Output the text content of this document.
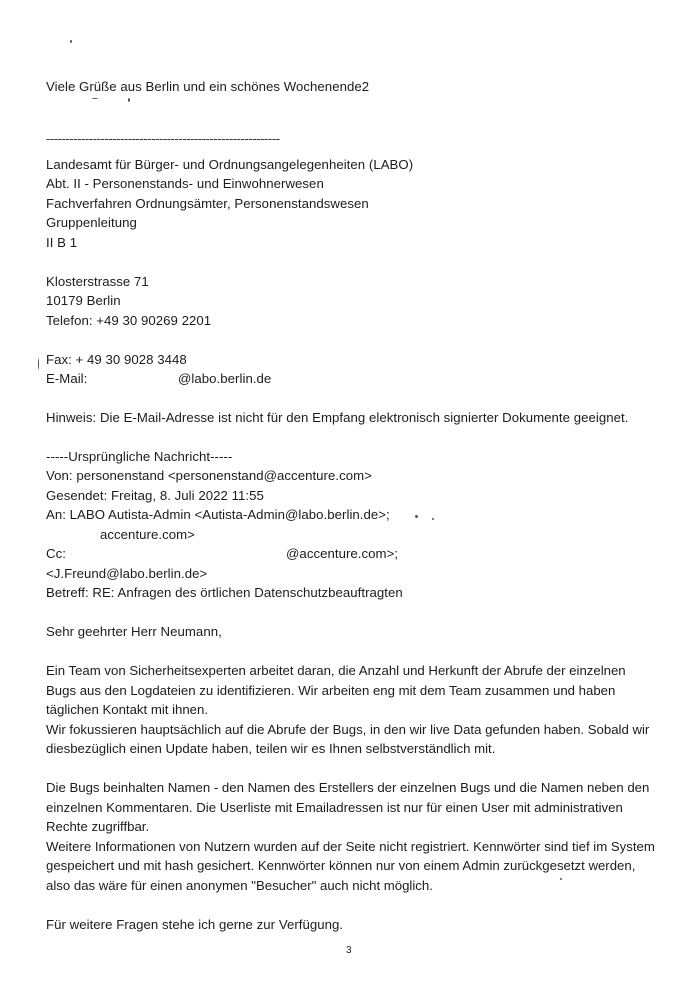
Viele Grüße aus Berlin und ein schönes Wochenende2
------------------------------------------------------------
Landesamt für Bürger- und Ordnungsangelegenheiten (LABO)
Abt. II - Personenstands- und Einwohnerwesen
Fachverfahren Ordnungsämter, Personenstandswesen
Gruppenleitung
II B 1
Klosterstrasse 71
10179 Berlin
Telefon: +49 30 90269 2201
Fax: + 49 30 9028 3448
E-Mail:	@labo.berlin.de
Hinweis: Die E-Mail-Adresse ist nicht für den Empfang elektronisch signierter Dokumente geeignet.
-----Ursprüngliche Nachricht-----
Von: personenstand <personenstand@accenture.com>
Gesendet: Freitag, 8. Juli 2022 11:55
An: LABO Autista-Admin <Autista-Admin@labo.berlin.de>;
accenture.com>
Cc:	@accenture.com>;
<J.Freund@labo.berlin.de>
Betreff: RE: Anfragen des örtlichen Datenschutzbeauftragten
Sehr geehrter Herr Neumann,
Ein Team von Sicherheitsexperten arbeitet daran, die Anzahl und Herkunft der Abrufe der einzelnen
Bugs aus den Logdateien zu identifizieren. Wir arbeiten eng mit dem Team zusammen und haben
täglichen Kontakt mit ihnen.
Wir fokussieren hauptsächlich auf die Abrufe der Bugs, in den wir live Data gefunden haben. Sobald wir
diesbezüglich einen Update haben, teilen wir es Ihnen selbstverständlich mit.
Die Bugs beinhalten Namen - den Namen des Erstellers der einzelnen Bugs und die Namen neben den
einzelnen Kommentaren. Die Userliste mit Emailadressen ist nur für einen User mit administrativen
Rechte zugriffbar.
Weitere Informationen von Nutzern wurden auf der Seite nicht registriert. Kennwörter sind tief im System
gespeichert und mit hash gesichert. Kennwörter können nur von einem Admin zurückgesetzt werden,
also das wäre für einen anonymen "Besucher" auch nicht möglich.
Für weitere Fragen stehe ich gerne zur Verfügung.
3
